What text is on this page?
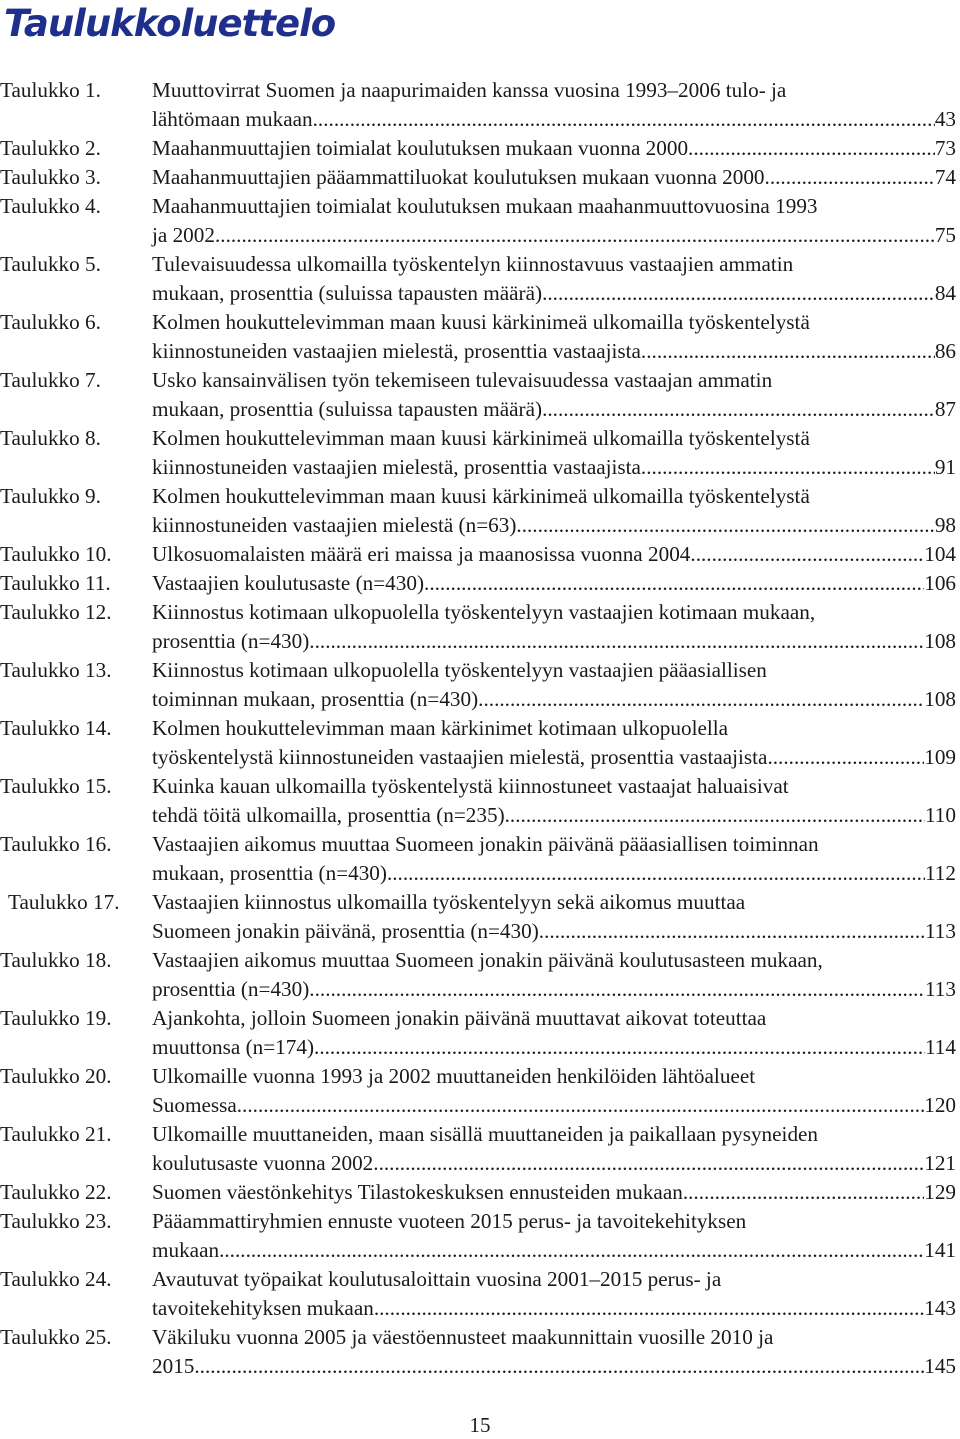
Taulukkoluettelo
Taulukko 1.	Muuttovirrat Suomen ja naapurimaiden kanssa vuosina 1993–2006 tulo- ja
lähtömaan mukaan. .....	43
Taulukko 2.	Maahanmuuttajien toimialat koulutuksen mukaan vuonna 2000. .....	73
Taulukko 3.	Maahanmuuttajien pääammattiluokat koulutuksen mukaan vuonna 2000. .....	74
Taulukko 4.	Maahanmuuttajien toimialat koulutuksen mukaan maahanmuuttovuosina 1993
ja 2002. .....	75
Taulukko 5.	Tulevaisuudessa ulkomailla työskentelyn kiinnostavuus vastaajien ammatin
mukaan, prosenttia (suluissa tapausten määrä). .....	84
Taulukko 6.	Kolmen houkuttelevimman maan kuusi kärkinimeä ulkomailla työskentelystä
kiinnostuneiden vastaajien mielestä, prosenttia vastaajista. .....	86
Taulukko 7.	Usko kansainvälisen työn tekemiseen tulevaisuudessa vastaajan ammatin
mukaan, prosenttia (suluissa tapausten määrä). .....	87
Taulukko 8.	Kolmen houkuttelevimman maan kuusi kärkinimeä ulkomailla työskentelystä
kiinnostuneiden vastaajien mielestä, prosenttia vastaajista. .....	91
Taulukko 9.	Kolmen houkuttelevimman maan kuusi kärkinimeä ulkomailla työskentelystä
kiinnostuneiden vastaajien mielestä (n=63). .....	98
Taulukko 10.	Ulkosuomalaisten määrä eri maissa ja maanosissa vuonna 2004. .....	104
Taulukko 11.	Vastaajien koulutusaste (n=430) .....	106
Taulukko 12.	Kiinnostus kotimaan ulkopuolella työskentelyyn vastaajien kotimaan mukaan,
prosenttia (n=430). .....	108
Taulukko 13.	Kiinnostus kotimaan ulkopuolella työskentelyyn vastaajien pääasiallisen
toiminnan mukaan, prosenttia (n=430). .....	108
Taulukko 14.	Kolmen houkuttelevimman maan kärkinimet kotimaan ulkopuolella
työskentelystä kiinnostuneiden vastaajien mielestä, prosenttia vastaajista. .....	109
Taulukko 15.	Kuinka kauan ulkomailla työskentelystä kiinnostuneet vastaajat haluaisivat
tehdä töitä ulkomailla, prosenttia (n=235). .....	110
Taulukko 16.	Vastaajien aikomus muuttaa Suomeen jonakin päivänä pääasiallisen toiminnan
mukaan, prosenttia (n=430). .....	112
Taulukko 17.	Vastaajien kiinnostus ulkomailla työskentelyyn sekä aikomus muuttaa
Suomeen jonakin päivänä, prosenttia (n=430). .....	113
Taulukko 18.	Vastaajien aikomus muuttaa Suomeen jonakin päivänä koulutusasteen mukaan,
prosenttia (n=430). .....	113
Taulukko 19.	Ajankohta, jolloin Suomeen jonakin päivänä muuttavat aikovat toteuttaa
muuttonsa (n=174). .....	114
Taulukko 20.	Ulkomaille vuonna 1993 ja 2002 muuttaneiden henkilöiden lähtöalueet
Suomessa. .....	120
Taulukko 21.	Ulkomaille muuttaneiden, maan sisällä muuttaneiden ja paikallaan pysyneiden
koulutusaste vuonna 2002. .....	121
Taulukko 22.	Suomen väestönkehitys Tilastokeskuksen ennusteiden mukaan. .....	129
Taulukko 23.	Pääammattiryhmien ennuste vuoteen 2015 perus- ja tavoitekehityksen
mukaan. .....	141
Taulukko 24.	Avautuvat työpaikat koulutusaloittain vuosina 2001–2015 perus- ja
tavoitekehityksen mukaan. .....	143
Taulukko 25.	Väkiluku vuonna 2005 ja väestöennusteet maakunnittain vuosille 2010 ja
2015. .....	145
15
